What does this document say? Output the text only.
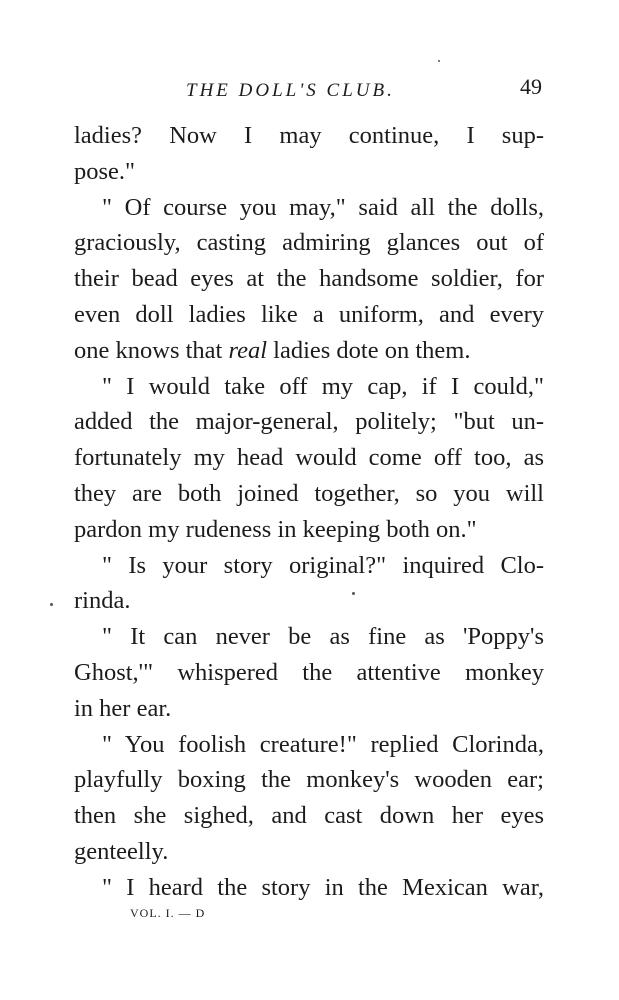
THE DOLL'S CLUB.	49

ladies? Now I may continue, I sup-

pose."

" Of course you may," said all the dolls,

graciously, casting admiring glances out of

their bead eyes at the handsome soldier, for

even doll ladies like a uniform, and every

one knows that real ladies dote on them.

" I would take off my cap, if I could,"

added the major-general, politely; "but un-

fortunately my head would come off too, as

they are both joined together, so you will

pardon my rudeness in keeping both on."

" Is your story original?" inquired Clo-

rinda.

" It can never be as fine as 'Poppy's

Ghost,'" whispered the attentive monkey

in her ear.

" You foolish creature!" replied Clorinda,

playfully boxing the monkey's wooden ear;

then she sighed, and cast down her eyes

genteelly.

" I heard the story in the Mexican war,

VOL. I. — D
